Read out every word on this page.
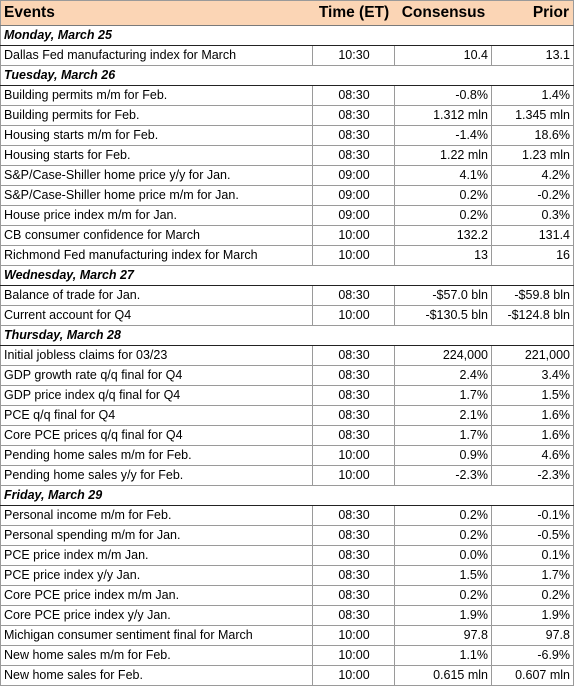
Events	Time (ET)	Consensus	Prior
Monday, March 25			
Dallas Fed manufacturing index for March	10:30	10.4	13.1
Tuesday, March 26			
Building permits m/m for Feb.	08:30	-0.8%	1.4%
Building permits for Feb.	08:30	1.312 mln	1.345 mln
Housing starts m/m for Feb.	08:30	-1.4%	18.6%
Housing starts for Feb.	08:30	1.22 mln	1.23 mln
S&P/Case-Shiller home price y/y for Jan.	09:00	4.1%	4.2%
S&P/Case-Shiller home price m/m for Jan.	09:00	0.2%	-0.2%
House price index m/m for Jan.	09:00	0.2%	0.3%
CB consumer confidence for March	10:00	132.2	131.4
Richmond Fed manufacturing index for March	10:00	13	16
Wednesday, March 27			
Balance of trade for Jan.	08:30	-$57.0 bln	-$59.8 bln
Current account for Q4	10:00	-$130.5 bln	-$124.8 bln
Thursday, March 28			
Initial jobless claims for 03/23	08:30	224,000	221,000
GDP growth rate q/q final for Q4	08:30	2.4%	3.4%
GDP price index q/q final for Q4	08:30	1.7%	1.5%
PCE q/q final for Q4	08:30	2.1%	1.6%
Core PCE prices q/q final for Q4	08:30	1.7%	1.6%
Pending home sales m/m for Feb.	10:00	0.9%	4.6%
Pending home sales y/y for Feb.	10:00	-2.3%	-2.3%
Friday, March 29			
Personal income m/m for Feb.	08:30	0.2%	-0.1%
Personal spending m/m for Jan.	08:30	0.2%	-0.5%
PCE price index m/m Jan.	08:30	0.0%	0.1%
PCE price index y/y Jan.	08:30	1.5%	1.7%
Core PCE price index m/m Jan.	08:30	0.2%	0.2%
Core PCE price index y/y Jan.	08:30	1.9%	1.9%
Michigan consumer sentiment final for March	10:00	97.8	97.8
New home sales m/m for Feb.	10:00	1.1%	-6.9%
New home sales for Feb.	10:00	0.615 mln	0.607 mln
